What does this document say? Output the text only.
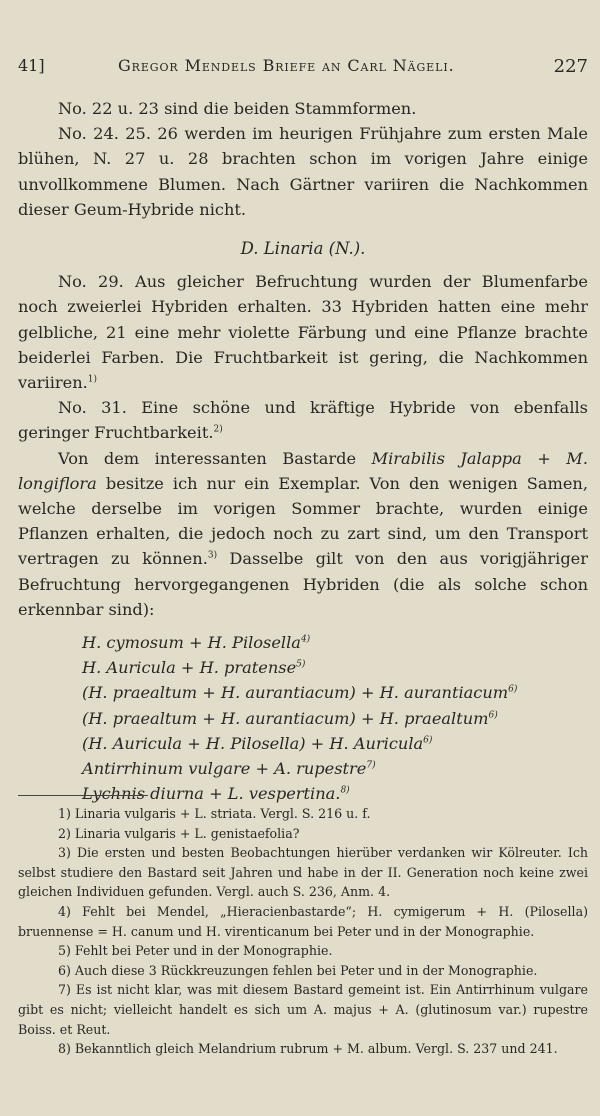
41]	Gregor Mendels Briefe an Carl Nägeli.	227

No. 22 u. 23 sind die beiden Stammformen.

No. 24. 25. 26 werden im heurigen Frühjahre zum ersten Male blühen, N. 27 u. 28 brachten schon im vorigen Jahre einige unvollkommene Blumen. Nach Gärtner variiren die Nachkommen dieser Geum-Hybride nicht.

D. Linaria (N.).

No. 29. Aus gleicher Befruchtung wurden der Blumenfarbe noch zweierlei Hybriden erhalten. 33 Hybriden hatten eine mehr gelbliche, 21 eine mehr violette Färbung und eine Pflanze brachte beiderlei Farben. Die Fruchtbarkeit ist gering, die Nachkommen variiren.$^{1)}$

No. 31. Eine schöne und kräftige Hybride von ebenfalls geringer Fruchtbarkeit.$^{2)}$

Von dem interessanten Bastarde Mirabilis Jalappa + M. longiflora besitze ich nur ein Exemplar. Von den wenigen Samen, welche derselbe im vorigen Sommer brachte, wurden einige Pflanzen erhalten, die jedoch noch zu zart sind, um den Transport vertragen zu können.$^{3)}$ Dasselbe gilt von den aus vorigjähriger Befruchtung hervorgegangenen Hybriden (die als solche schon erkennbar sind):

H. cymosum + H. Pilosella$^{4)}$
H. Auricula + H. pratense$^{5)}$
(H. praealtum + H. aurantiacum) + H. aurantiacum$^{6)}$
(H. praealtum + H. aurantiacum) + H. praealtum$^{6)}$
(H. Auricula + H. Pilosella) + H. Auricula$^{6)}$
Antirrhinum vulgare + A. rupestre$^{7)}$
Lychnis diurna + L. vespertina.$^{8)}$

1) Linaria vulgaris + L. striata. Vergl. S. 216 u. f.

2) Linaria vulgaris + L. genistaefolia?

3) Die ersten und besten Beobachtungen hierüber verdanken wir Kölreuter. Ich selbst studiere den Bastard seit Jahren und habe in der II. Generation noch keine zwei gleichen Individuen gefunden. Vergl. auch S. 236, Anm. 4.

4) Fehlt bei Mendel, „Hieracienbastarde“; H. cymigerum + H. (Pilosella) bruennense = H. canum und H. virenticanum bei Peter und in der Monographie.

5) Fehlt bei Peter und in der Monographie.

6) Auch diese 3 Rückkreuzungen fehlen bei Peter und in der Monographie.

7) Es ist nicht klar, was mit diesem Bastard gemeint ist. Ein Antirrhinum vulgare gibt es nicht; vielleicht handelt es sich um A. majus + A. (glutinosum var.) rupestre Boiss. et Reut.

8) Bekanntlich gleich Melandrium rubrum + M. album. Vergl. S. 237 und 241.
